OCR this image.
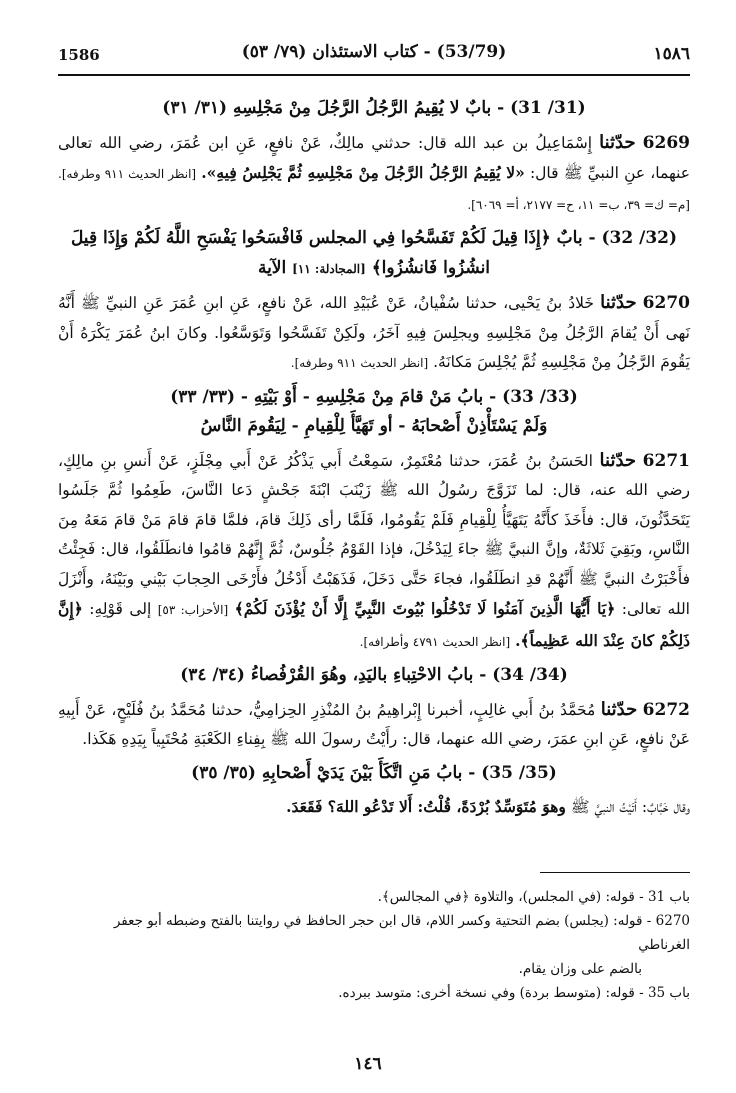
1586	(53/79) - كتاب الاستئذان (٧٩/ ٥٣)	١٥٨٦
(31/ 31) - بابٌ لا يُقِيمُ الرَّجُلُ الرَّجُلَ مِنْ مَجْلِسِهِ (٣١/ ٣١)

6269 حدّثنا إِسْمَاعِيلُ بن عبد الله قال: حدثني مالِكٌ، عَنْ نافعٍ، عَنِ ابن عُمَرَ، رضي الله تعالى عنهما، عنِ النبيِّ ﷺ قال: «لا يُقِيمُ الرَّجُلُ الرَّجُلَ مِنْ مَجْلِسِهِ ثُمَّ يَجْلِسُ فِيهِ». [انظر الحديث ٩١١ وطرفه]. [م= ك= ٣٩، ب= ١١، ح= ٢١٧٧، أ= ٦٠٦٩].

(32/ 32) - بابٌ ﴿إِذَا قِيلَ لَكُمْ تَفَسَّحُوا فِي المجلس فَافْسَحُوا يَفْسَحِ اللَّهُ لَكُمْ وَإِذَا قِيلَ انشُزُوا فَانشُزُوا﴾ [المجادلة: ١١] الآية

6270 حدّثنا خَلادُ بنُ يَحْيى، حدثنا سُفْيانُ، عَنْ عُبَيْدِ الله، عَنْ نافعٍ، عَنِ ابنِ عُمَرَ عَنِ النبيِّ ﷺ أَنَّهُ نَهى أَنْ يُقامَ الرَّجُلُ مِنْ مَجْلِسِهِ ويجلِسَ فِيهِ آخَرُ، ولَكِنْ تَفَسَّحُوا وَتَوَسَّعُوا. وكانَ ابنُ عُمَرَ يَكْرَهُ أَنْ يَقُومَ الرَّجُلُ مِنْ مَجْلِسِهِ ثُمَّ يُجْلِسَ مَكانَهُ. [انظر الحديث ٩١١ وطرفه].

(33/ 33) - بابُ مَنْ قامَ مِنْ مَجْلِسِهِ - أَوْ بَيْتِهِ - (٣٣/ ٣٣)
وَلَمْ يَسْتَأْذِنْ أَصْحابَهُ - أو تَهَيَّأَ لِلْقِيامِ - لِيَقُومَ النَّاسُ

6271 حدّثنا الحَسَنُ بنُ عُمَرَ، حدثنا مُعْتَمِرٌ، سَمِعْتُ أَبي يَذْكُرُ عَنْ أَبي مِجْلَزٍ، عَنْ أَنسِ بنِ مالِكٍ، رضي الله عنه، قال: لما تَزَوَّجَ رسُولُ الله ﷺ زَيْنَبَ ابْنَةَ جَحْشٍ دَعا النَّاسَ، طَعِمُوا ثُمَّ جَلَسُوا يَتَحَدَّثُونَ، قال: فأَخَذَ كأَنَّهُ يَتَهَيَّأُ لِلْقِيامِ فَلَمْ يَقُومُوا، فَلَمَّا رأى ذَلِكَ قامَ، فلمَّا قامَ قامَ مَنْ قامَ مَعَهُ مِنَ النَّاسِ، وبَقِيَ ثَلاثَةٌ، وإنَّ النبيَّ ﷺ جاءَ لِيَدْخُلَ، فإذا القَوْمُ جُلُوسٌ، ثُمَّ إِنَّهُمْ قامُوا فانطَلَقُوا، قال: فَجِئْتُ فأَخْبَرْتُ النبيَّ ﷺ أَنَّهُمْ قدِ انطَلَقُوا، فجاءَ حَتَّى دَخَلَ، فَذَهَبْتُ أَدْخُلُ فأَرْخَى الحِجابَ بَيْني وبَيْنَهُ، وأَنْزَلَ الله تعالى: ﴿يَا أَيُّهَا الَّذِينَ آمَنُوا لَا تَدْخُلُوا بُيُوتَ النَّبِيِّ إِلَّا أَنْ يُؤْذَنَ لَكُمْ﴾ [الأحزاب: ٥٣] إلى قَوْلِهِ: ﴿إِنَّ ذَلِكُمْ كانَ عِنْدَ الله عَظِيماً﴾. [انظر الحديث ٤٧٩١ وأطرافه].

(34/ 34) - بابُ الاحْتِباءِ باليَدِ، وهُوَ القُرْفُصاءُ (٣٤/ ٣٤)

6272 حدّثنا مُحَمَّدُ بنُ أَبي غالِبٍ، أخبرنا إِبْراهِيمُ بنُ المُنْذِرِ الحِزامِيُّ، حدثنا مُحَمَّدُ بنُ فُلَيْحٍ، عَنْ أَبِيهِ عَنْ نافعٍ، عَنِ ابنِ عمَرَ، رضي الله عنهما، قال: رأَيْتُ رسولَ الله ﷺ بِفِناءِ الكَعْبَةِ مُحْتَبِياً بِيَدِهِ هَكَذا.

(35/ 35) - بابُ مَنِ اتَّكَأَ بَيْنَ يَدَيْ أَصْحابِهِ (٣٥/ ٣٥)

وقال خَبَّابٌ: أَتَيْتُ النبيَّ ﷺ وهوَ مُتَوَسِّدٌ بُرْدَةً، قُلْتُ: أَلا تَدْعُو اللهَ؟ فَقَعَدَ.

باب 31 - قوله: (في المجلس)، والتلاوة ﴿في المجالس﴾.

6270 - قوله: (يجلس) بضم التحتية وكسر اللام، قال ابن حجر الحافظ في روايتنا بالفتح وضبطه أبو جعفر الغرناطي

بالضم على وزان يقام.

باب 35 - قوله: (متوسط بردة) وفي نسخة أخرى: متوسد ببرده.

١٤٦
